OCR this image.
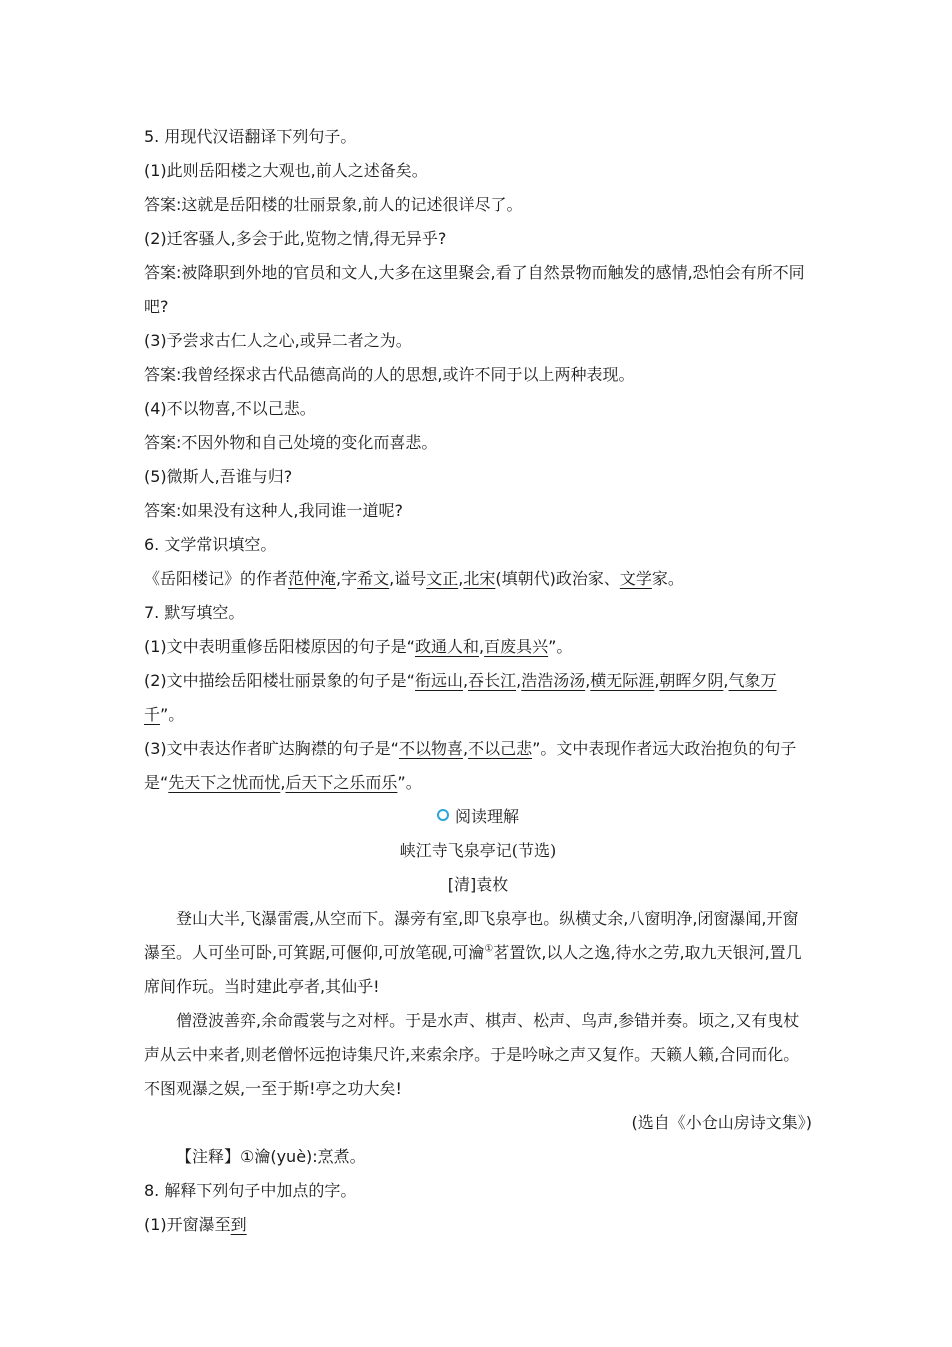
5. 用现代汉语翻译下列句子。
(1)此则岳阳楼之大观也,前人之述备矣。
答案:这就是岳阳楼的壮丽景象,前人的记述很详尽了。
(2)迁客骚人,多会于此,览物之情,得无异乎?
答案:被降职到外地的官员和文人,大多在这里聚会,看了自然景物而触发的感情,恐怕会有所不同吧?
(3)予尝求古仁人之心,或异二者之为。
答案:我曾经探求古代品德高尚的人的思想,或许不同于以上两种表现。
(4)不以物喜,不以己悲。
答案:不因外物和自己处境的变化而喜悲。
(5)微斯人,吾谁与归?
答案:如果没有这种人,我同谁一道呢?
6. 文学常识填空。
《岳阳楼记》的作者范仲淹,字希文,谥号文正,北宋(填朝代)政治家、文学家。
7. 默写填空。
(1)文中表明重修岳阳楼原因的句子是“政通人和,百废具兴”。
(2)文中描绘岳阳楼壮丽景象的句子是“衔远山,吞长江,浩浩汤汤,横无际涯,朝晖夕阴,气象万千”。
(3)文中表达作者旷达胸襟的句子是“不以物喜,不以己悲”。文中表现作者远大政治抱负的句子是“先天下之忧而忧,后天下之乐而乐”。
阅读理解
峡江寺飞泉亭记(节选)
[清]袁枚
登山大半,飞瀑雷震,从空而下。瀑旁有室,即飞泉亭也。纵横丈余,八窗明净,闭窗瀑闻,开窗瀑至。人可坐可卧,可箕踞,可偃仰,可放笔砚,可瀹①茗置饮,以人之逸,待水之劳,取九天银河,置几席间作玩。当时建此亭者,其仙乎!
僧澄波善弈,余命霞裳与之对枰。于是水声、棋声、松声、鸟声,参错并奏。顷之,又有曳杖声从云中来者,则老僧怀远抱诗集尺许,来索余序。于是吟咏之声又复作。天籁人籁,合同而化。不图观瀑之娱,一至于斯!亭之功大矣!
(选自《小仓山房诗文集》)
【注释】①瀹(yuè):烹煮。
8. 解释下列句子中加点的字。
(1)开窗瀑至到
